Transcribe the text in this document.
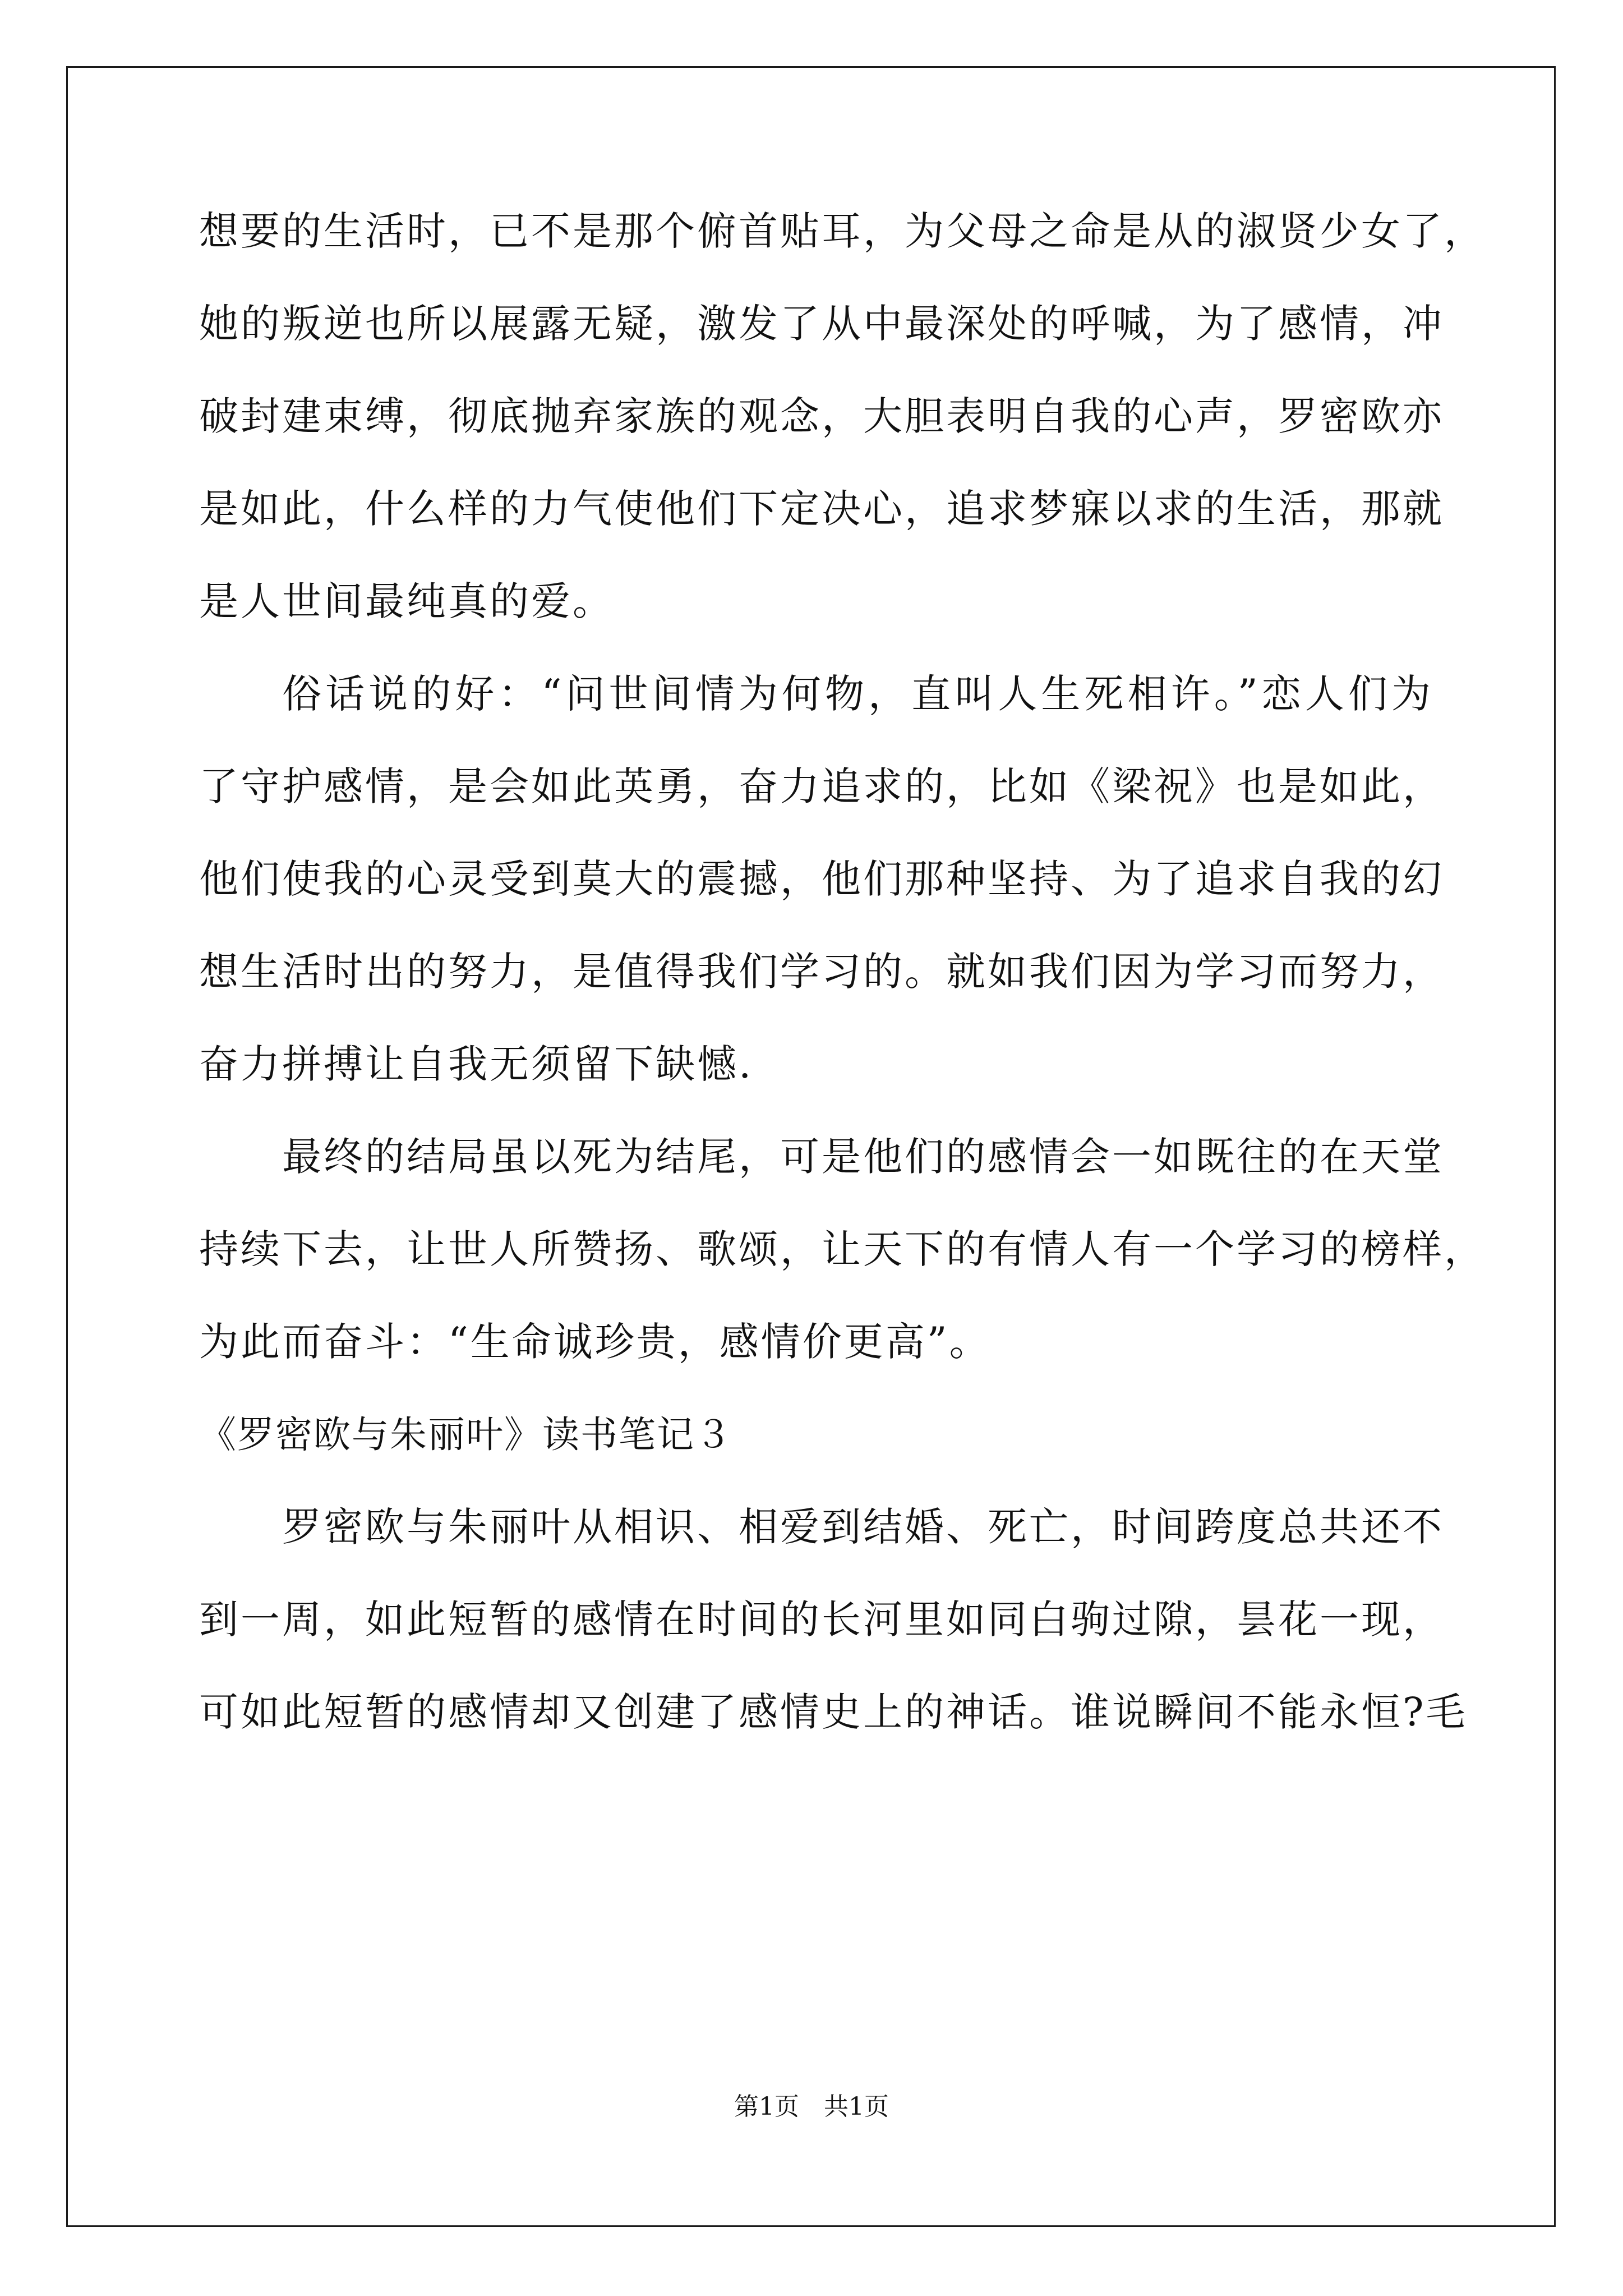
想要的生活时，已不是那个俯首贴耳，为父母之命是从的淑贤少女了，
她的叛逆也所以展露无疑，激发了从中最深处的呼喊，为了感情，冲
破封建束缚，彻底抛弃家族的观念，大胆表明自我的心声，罗密欧亦
是如此，什么样的力气使他们下定决心，追求梦寐以求的生活，那就
是人世间最纯真的爱。
俗话说的好：“问世间情为何物，直叫人生死相许。”恋人们为
了守护感情，是会如此英勇，奋力追求的，比如《梁祝》也是如此，
他们使我的心灵受到莫大的震撼，他们那种坚持、为了追求自我的幻
想生活时出的努力，是值得我们学习的。就如我们因为学习而努力，
奋力拼搏让自我无须留下缺憾.
最终的结局虽以死为结尾，可是他们的感情会一如既往的在天堂
持续下去，让世人所赞扬、歌颂，让天下的有情人有一个学习的榜样，
为此而奋斗：“生命诚珍贵，感情价更高”。
《罗密欧与朱丽叶》读书笔记３
罗密欧与朱丽叶从相识、相爱到结婚、死亡，时间跨度总共还不
到一周，如此短暂的感情在时间的长河里如同白驹过隙，昙花一现，
可如此短暂的感情却又创建了感情史上的神话。谁说瞬间不能永恒?毛
第1页　共1页
